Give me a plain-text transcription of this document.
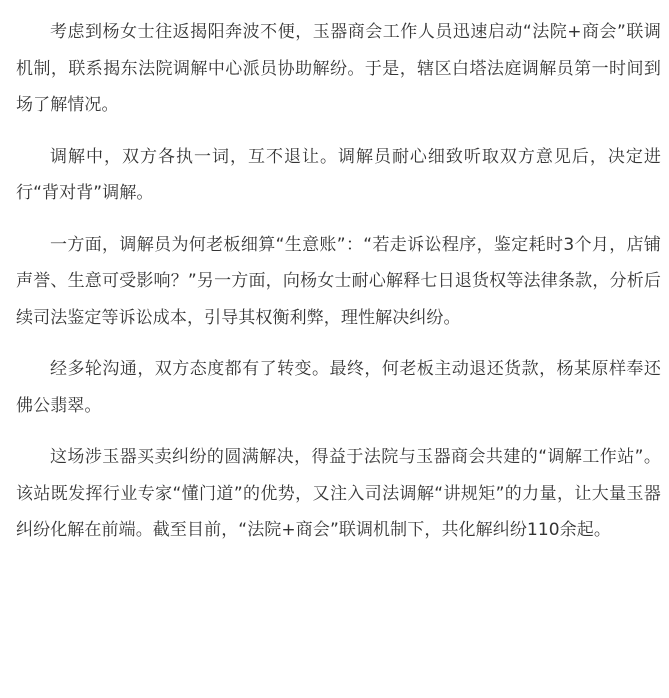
考虑到杨女士往返揭阳奔波不便，玉器商会工作人员迅速启动“法院+商会”联调机制，联系揭东法院调解中心派员协助解纷。于是，辖区白塔法庭调解员第一时间到场了解情况。

调解中，双方各执一词，互不退让。调解员耐心细致听取双方意见后，决定进行“背对背”调解。

一方面，调解员为何老板细算“生意账”：“若走诉讼程序，鉴定耗时3个月，店铺声誉、生意可受影响？”另一方面，向杨女士耐心解释七日退货权等法律条款，分析后续司法鉴定等诉讼成本，引导其权衡利弊，理性解决纠纷。

经多轮沟通，双方态度都有了转变。最终，何老板主动退还货款，杨某原样奉还佛公翡翠。

这场涉玉器买卖纠纷的圆满解决，得益于法院与玉器商会共建的“调解工作站”。该站既发挥行业专家“懂门道”的优势，又注入司法调解“讲规矩”的力量，让大量玉器纠纷化解在前端。截至目前，“法院+商会”联调机制下，共化解纠纷110余起。
